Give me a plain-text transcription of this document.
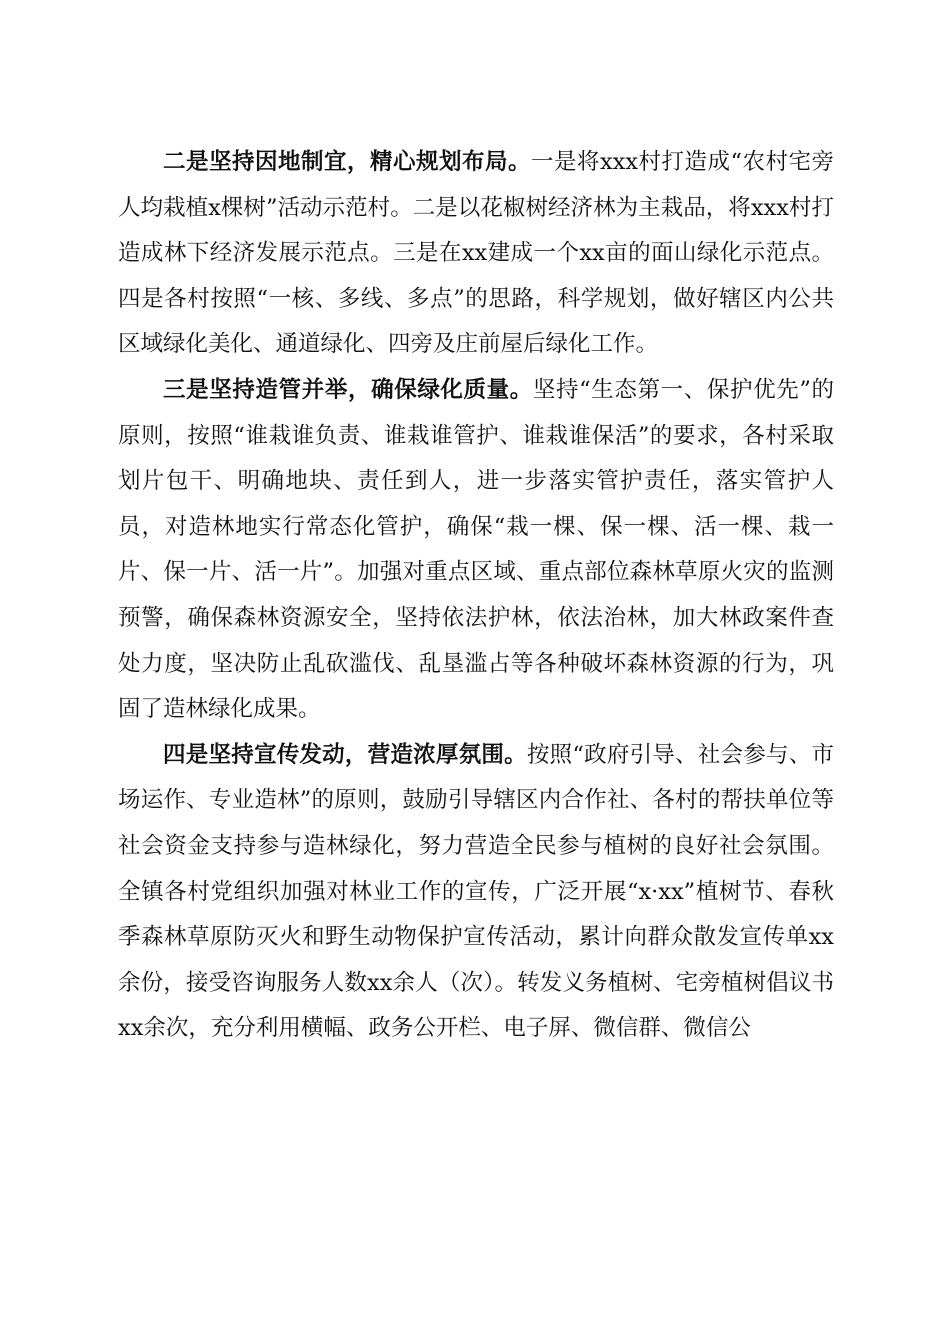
二是坚持因地制宜，精心规划布局。一是将xxx村打造成“农村宅旁人均栽植x棵树”活动示范村。二是以花椒树经济林为主栽品，将xxx村打造成林下经济发展示范点。三是在xx建成一个xx亩的面山绿化示范点。四是各村按照“一核、多线、多点”的思路，科学规划，做好辖区内公共区域绿化美化、通道绿化、四旁及庄前屋后绿化工作。

三是坚持造管并举，确保绿化质量。坚持“生态第一、保护优先”的原则，按照“谁栽谁负责、谁栽谁管护、谁栽谁保活”的要求，各村采取划片包干、明确地块、责任到人，进一步落实管护责任，落实管护人员，对造林地实行常态化管护，确保“栽一棵、保一棵、活一棵、栽一片、保一片、活一片”。加强对重点区域、重点部位森林草原火灾的监测预警，确保森林资源安全，坚持依法护林，依法治林，加大林政案件查处力度，坚决防止乱砍滥伐、乱垦滥占等各种破坏森林资源的行为，巩固了造林绿化成果。

四是坚持宣传发动，营造浓厚氛围。按照“政府引导、社会参与、市场运作、专业造林”的原则，鼓励引导辖区内合作社、各村的帮扶单位等社会资金支持参与造林绿化，努力营造全民参与植树的良好社会氛围。全镇各村党组织加强对林业工作的宣传，广泛开展“x·xx”植树节、春秋季森林草原防灭火和野生动物保护宣传活动，累计向群众散发宣传单xx余份，接受咨询服务人数xx余人（次）。转发义务植树、宅旁植树倡议书xx余次，充分利用横幅、政务公开栏、电子屏、微信群、微信公
